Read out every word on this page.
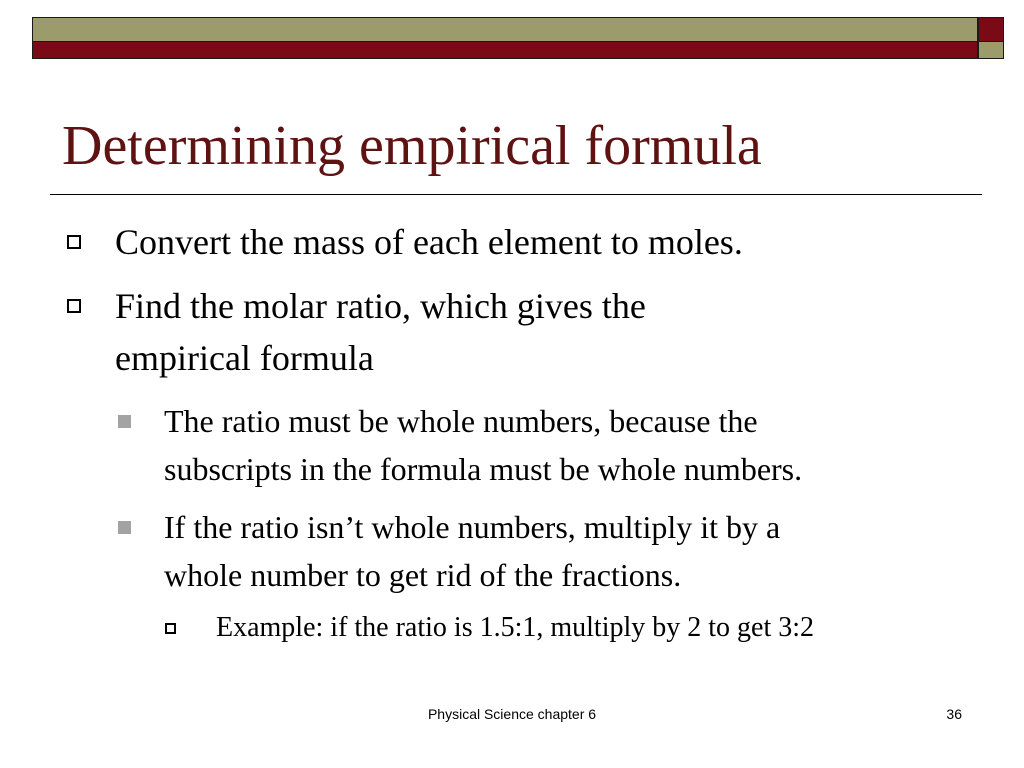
Determining empirical formula
Convert the mass of each element to moles.
Find the molar ratio, which gives the
empirical formula
The ratio must be whole numbers, because the
subscripts in the formula must be whole numbers.
If the ratio isn’t whole numbers, multiply it by a
whole number to get rid of the fractions.
Example: if the ratio is 1.5:1, multiply by 2 to get 3:2
Physical Science chapter 6	36
